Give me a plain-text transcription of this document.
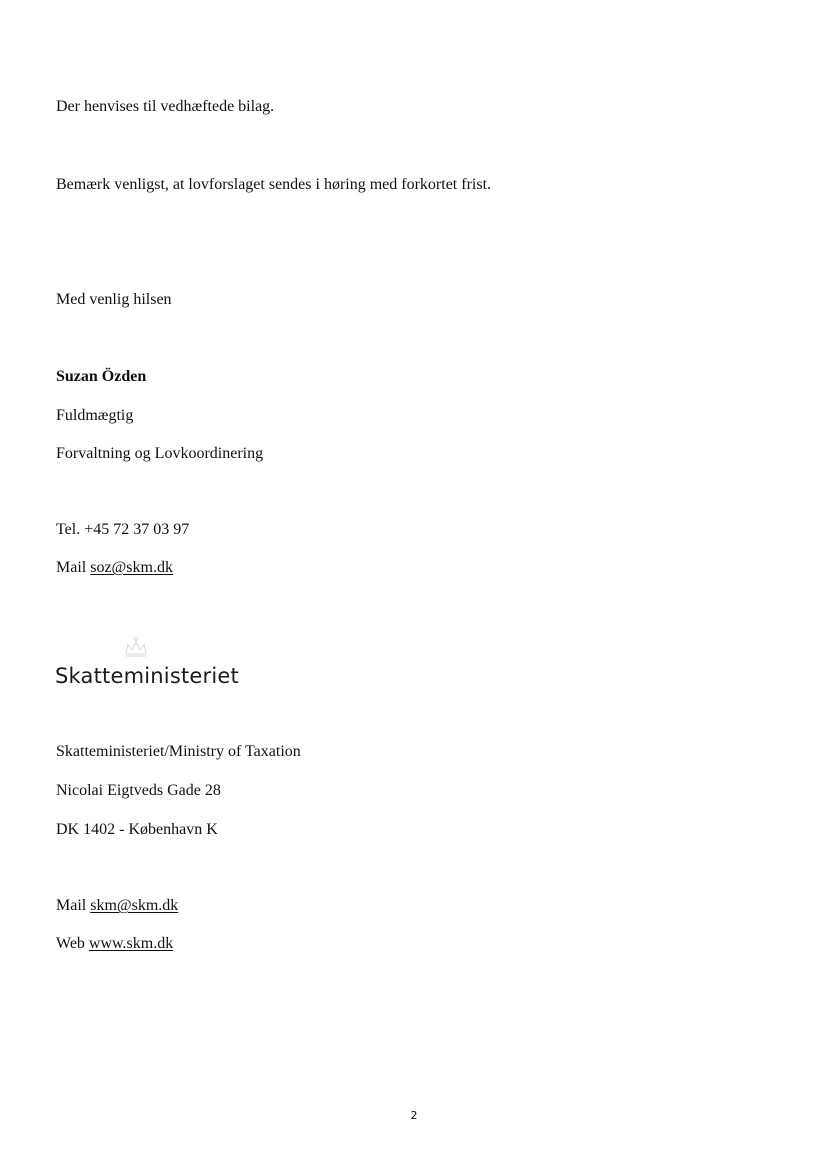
Der henvises til vedhæftede bilag.
Bemærk venligst, at lovforslaget sendes i høring med forkortet frist.
Med venlig hilsen
Suzan Özden
Fuldmægtig
Forvaltning og Lovkoordinering
Tel. +45 72 37 03 97
Mail soz@skm.dk
Skatteministeriet
Skatteministeriet/Ministry of Taxation
Nicolai Eigtveds Gade 28
DK 1402 - København K
Mail skm@skm.dk
Web www.skm.dk
2
